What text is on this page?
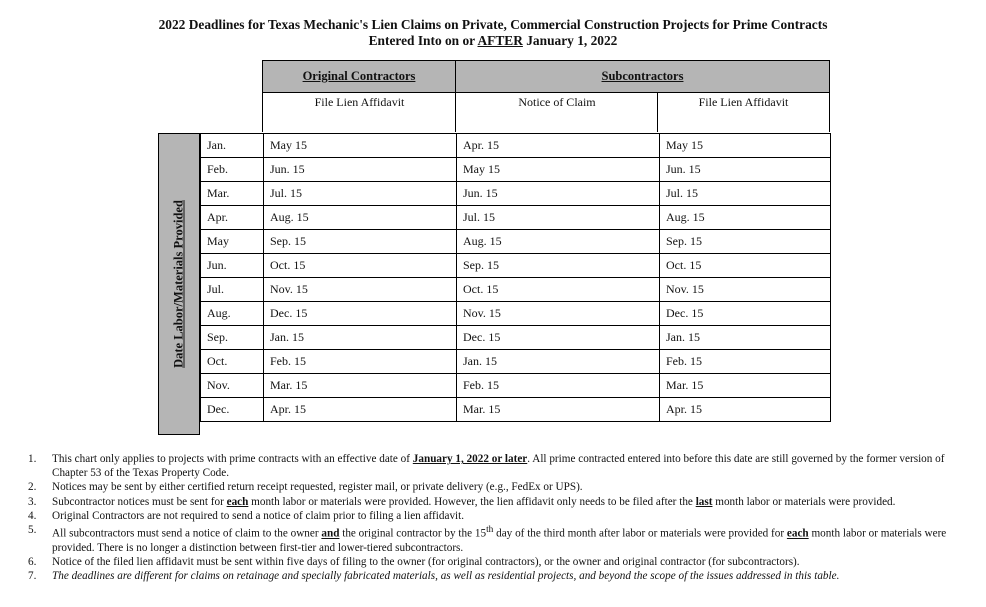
2022 Deadlines for Texas Mechanic's Lien Claims on Private, Commercial Construction Projects for Prime Contracts
Entered Into on or AFTER January 1, 2022
Original Contractors	Subcontractors
File Lien Affidavit	Notice of Claim	File Lien Affidavit
Date Labor/Materials Provided
Jan.	May 15	Apr. 15	May 15
Feb.	Jun. 15	May 15	Jun. 15
Mar.	Jul. 15	Jun. 15	Jul. 15
Apr.	Aug. 15	Jul. 15	Aug. 15
May	Sep. 15	Aug. 15	Sep. 15
Jun.	Oct. 15	Sep. 15	Oct. 15
Jul.	Nov. 15	Oct. 15	Nov. 15
Aug.	Dec. 15	Nov. 15	Dec. 15
Sep.	Jan. 15	Dec. 15	Jan. 15
Oct.	Feb. 15	Jan. 15	Feb. 15
Nov.	Mar. 15	Feb. 15	Mar. 15
Dec.	Apr. 15	Mar. 15	Apr. 15
1. This chart only applies to projects with prime contracts with an effective date of January 1, 2022 or later. All prime contracted entered into before this date are still governed by the former version of Chapter 53 of the Texas Property Code.
2. Notices may be sent by either certified return receipt requested, register mail, or private delivery (e.g., FedEx or UPS).
3. Subcontractor notices must be sent for each month labor or materials were provided. However, the lien affidavit only needs to be filed after the last month labor or materials were provided.
4. Original Contractors are not required to send a notice of claim prior to filing a lien affidavit.
5. All subcontractors must send a notice of claim to the owner and the original contractor by the 15th day of the third month after labor or materials were provided for each month labor or materials were provided. There is no longer a distinction between first-tier and lower-tiered subcontractors.
6. Notice of the filed lien affidavit must be sent within five days of filing to the owner (for original contractors), or the owner and original contractor (for subcontractors).
7. The deadlines are different for claims on retainage and specially fabricated materials, as well as residential projects, and beyond the scope of the issues addressed in this table.
